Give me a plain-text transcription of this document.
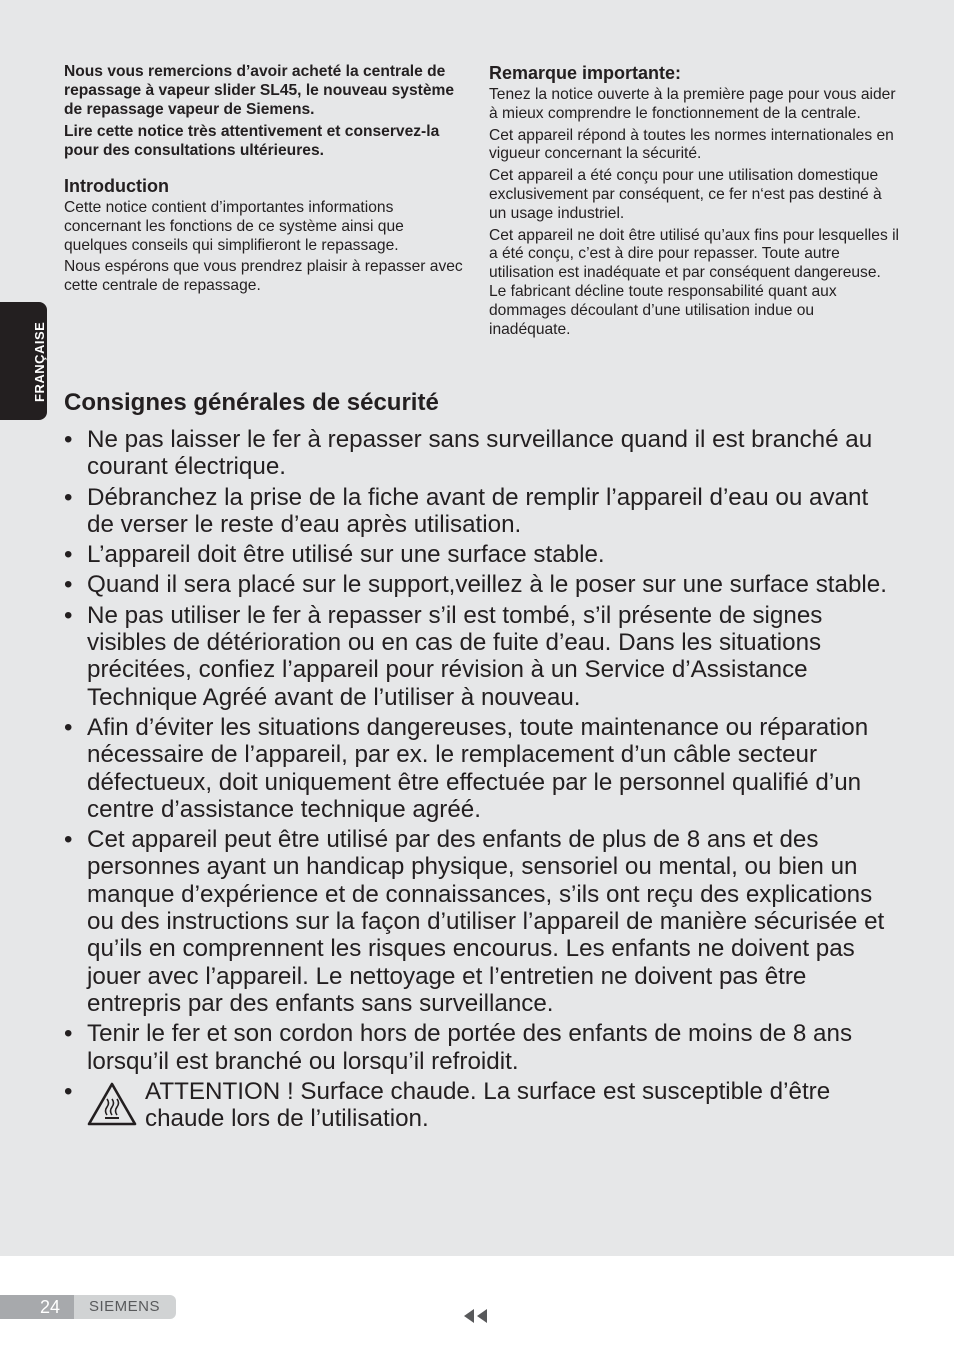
FRANÇAISE

Nous vous remercions d’avoir acheté la centrale de repassage à vapeur slider SL45, le nouveau système de repassage vapeur de Siemens.

Lire cette notice très attentivement et conservez-la pour des consultations ultérieures.

Introduction

Cette notice contient d’importantes informations concernant les fonctions de ce système ainsi que quelques conseils qui simplifieront le repassage.

Nous espérons que vous prendrez plaisir à repasser avec cette centrale de repassage.

Remarque importante:

Tenez la notice ouverte à la première page pour vous aider à mieux comprendre le fonctionnement de la centrale.

Cet appareil répond à toutes les normes internationales en vigueur concernant la sécurité.

Cet appareil a été conçu pour une utilisation domestique exclusivement par conséquent, ce fer n‘est pas destiné à un usage industriel.

Cet appareil ne doit être utilisé qu’aux fins pour lesquelles il a été conçu, c’est à dire pour repasser. Toute autre utilisation est inadéquate et par conséquent dangereuse. Le fabricant décline toute responsabilité quant aux dommages découlant d’une utilisation indue ou inadéquate.

Consignes générales de sécurité
• Ne pas laisser le fer à repasser sans surveillance quand il est branché au courant électrique.
• Débranchez la prise de la fiche avant de remplir l’appareil d’eau ou avant de verser le reste d’eau après utilisation.
• L’appareil doit être utilisé sur une surface stable.
• Quand il sera placé sur le support,veillez à le poser sur une surface stable.
• Ne pas utiliser le fer à repasser s’il est tombé, s’il présente de signes visibles de détérioration ou en cas de fuite d’eau. Dans les situations précitées, confiez l’appareil pour révision à un Service d’Assistance Technique Agréé avant de l’utiliser à nouveau.
• Afin d’éviter les situations dangereuses, toute maintenance ou réparation nécessaire de l’appareil, par ex. le remplacement d’un câble secteur défectueux, doit uniquement être effectuée par le personnel qualifié d’un centre d’assistance technique agréé.
• Cet appareil peut être utilisé par des enfants de plus de 8 ans et des personnes ayant un handicap physique, sensoriel ou mental, ou bien un manque d’expérience et de connaissances, s’ils ont reçu des explications ou des instructions sur la façon d’utiliser l’appareil de manière sécurisée et qu’ils en comprennent les risques encourus. Les enfants ne doivent pas jouer avec l’appareil. Le nettoyage et l’entretien ne doivent pas être entrepris par des enfants sans surveillance.
• Tenir le fer et son cordon hors de portée des enfants de moins de 8 ans lorsqu’il est branché ou lorsqu’il refroidit.
•	ATTENTION ! Surface chaude. La surface est susceptible d’être chaude lors de l’utilisation.
24 SIEMENS
